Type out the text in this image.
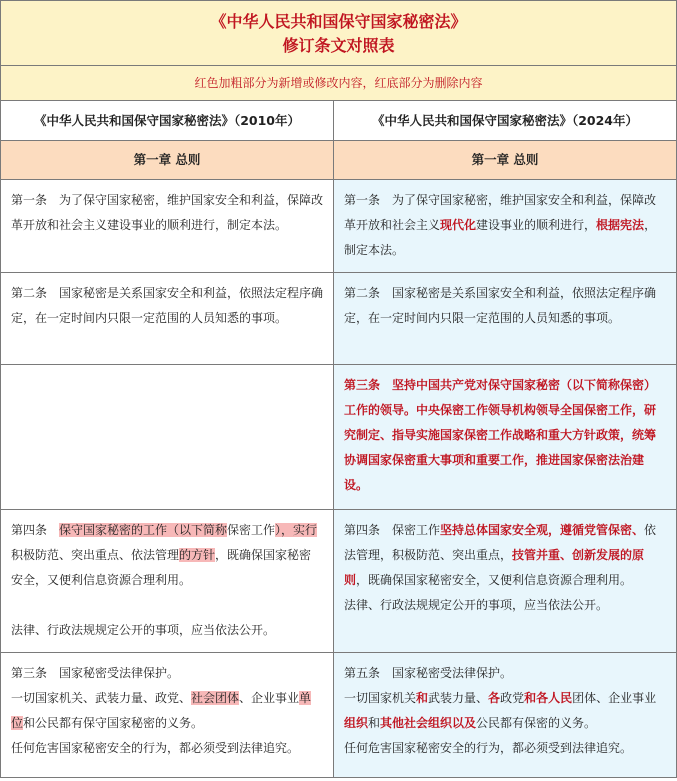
《中华人民共和国保守国家秘密法》
修订条文对照表
红色加粗部分为新增或修改内容，红底部分为删除内容
《中华人民共和国保守国家秘密法》（2010年）	《中华人民共和国保守国家秘密法》（2024年）
第一章 总则	第一章 总则

第一条　为了保守国家秘密，维护国家安全和利益，保障改革开放和社会主义建设事业的顺利进行，制定本法。

第一条　为了保守国家秘密，维护国家安全和利益，保障改革开放和社会主义现代化建设事业的顺利进行，根据宪法，制定本法。

第二条　国家秘密是关系国家安全和利益，依照法定程序确定，在一定时间内只限一定范围的人员知悉的事项。

第二条　国家秘密是关系国家安全和利益，依照法定程序确定，在一定时间内只限一定范围的人员知悉的事项。

第三条　坚持中国共产党对保守国家秘密（以下简称保密）工作的领导。中央保密工作领导机构领导全国保密工作，研究制定、指导实施国家保密工作战略和重大方针政策，统筹协调国家保密重大事项和重要工作，推进国家保密法治建设。

第四条　保守国家秘密的工作（以下简称保密工作），实行积极防范、突出重点、依法管理的方针，既确保国家秘密安全，又便利信息资源合理利用。

法律、行政法规规定公开的事项，应当依法公开。

第四条　保密工作坚持总体国家安全观，遵循党管保密、依法管理，积极防范、突出重点，技管并重、创新发展的原则，既确保国家秘密安全，又便利信息资源合理利用。

法律、行政法规规定公开的事项，应当依法公开。

第三条　国家秘密受法律保护。

一切国家机关、武装力量、政党、社会团体、企业事业单位和公民都有保守国家秘密的义务。

任何危害国家秘密安全的行为，都必须受到法律追究。

第五条　国家秘密受法律保护。

一切国家机关和武装力量、各政党和各人民团体、企业事业组织和其他社会组织以及公民都有保密的义务。

任何危害国家秘密安全的行为，都必须受到法律追究。
